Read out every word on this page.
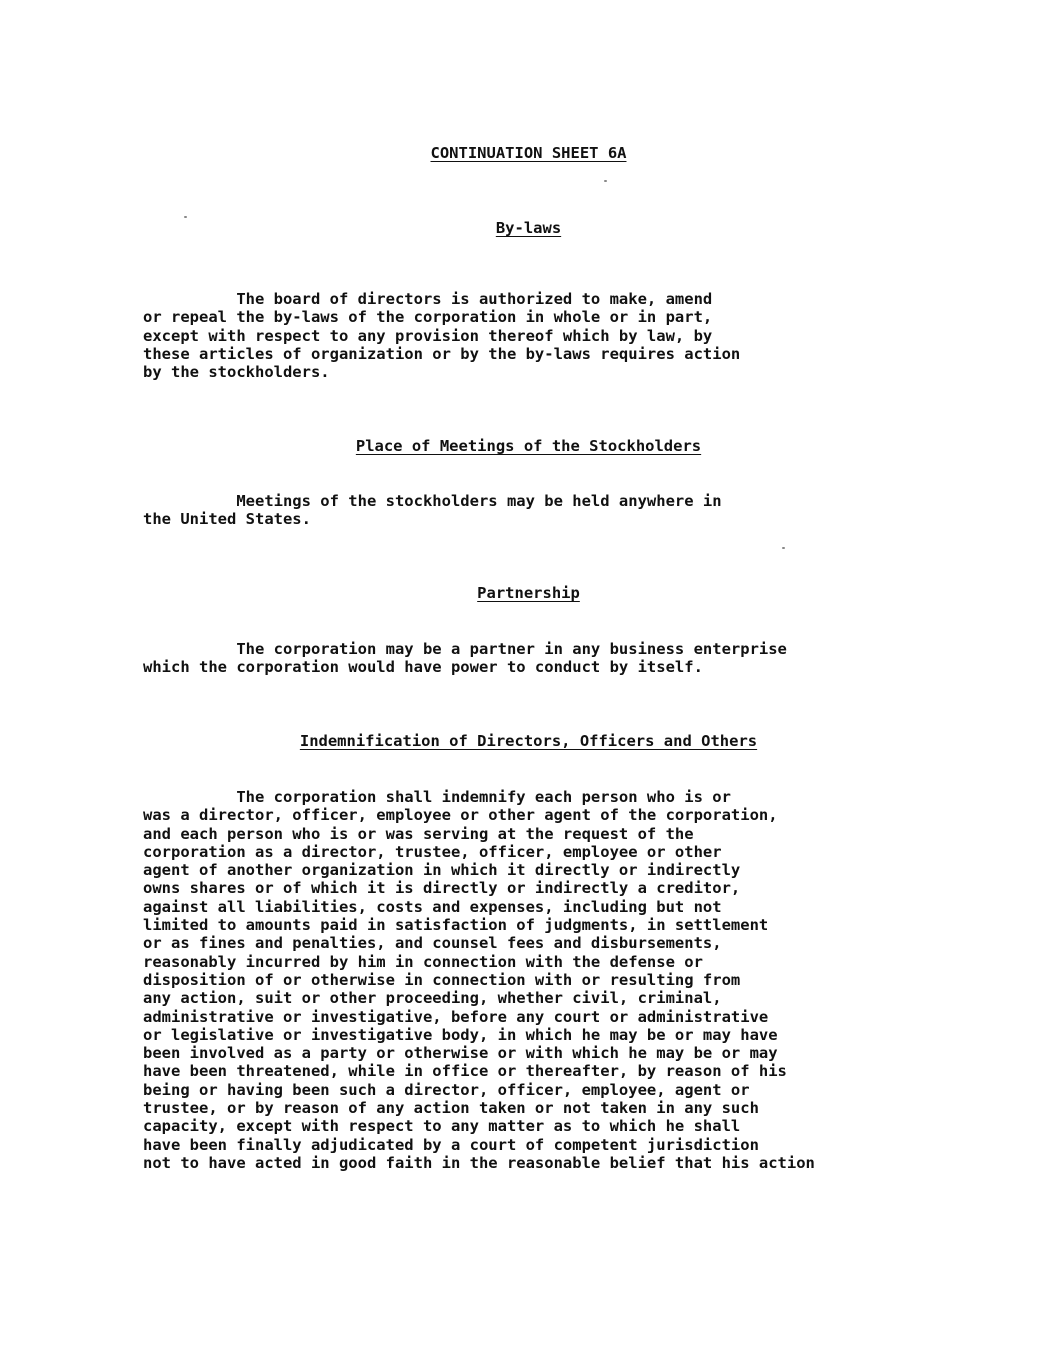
CONTINUATION SHEET 6A
By-laws
The board of directors is authorized to make, amend
or repeal the by-laws of the corporation in whole or in part,
except with respect to any provision thereof which by law, by
these articles of organization or by the by-laws requires action
by the stockholders.
Place of Meetings of the Stockholders
Meetings of the stockholders may be held anywhere in
the United States.
Partnership
The corporation may be a partner in any business enterprise
which the corporation would have power to conduct by itself.
Indemnification of Directors, Officers and Others
The corporation shall indemnify each person who is or
was a director, officer, employee or other agent of the corporation,
and each person who is or was serving at the request of the
corporation as a director, trustee, officer, employee or other
agent of another organization in which it directly or indirectly
owns shares or of which it is directly or indirectly a creditor,
against all liabilities, costs and expenses, including but not
limited to amounts paid in satisfaction of judgments, in settlement
or as fines and penalties, and counsel fees and disbursements,
reasonably incurred by him in connection with the defense or
disposition of or otherwise in connection with or resulting from
any action, suit or other proceeding, whether civil, criminal,
administrative or investigative, before any court or administrative
or legislative or investigative body, in which he may be or may have
been involved as a party or otherwise or with which he may be or may
have been threatened, while in office or thereafter, by reason of his
being or having been such a director, officer, employee, agent or
trustee, or by reason of any action taken or not taken in any such
capacity, except with respect to any matter as to which he shall
have been finally adjudicated by a court of competent jurisdiction
not to have acted in good faith in the reasonable belief that his action
